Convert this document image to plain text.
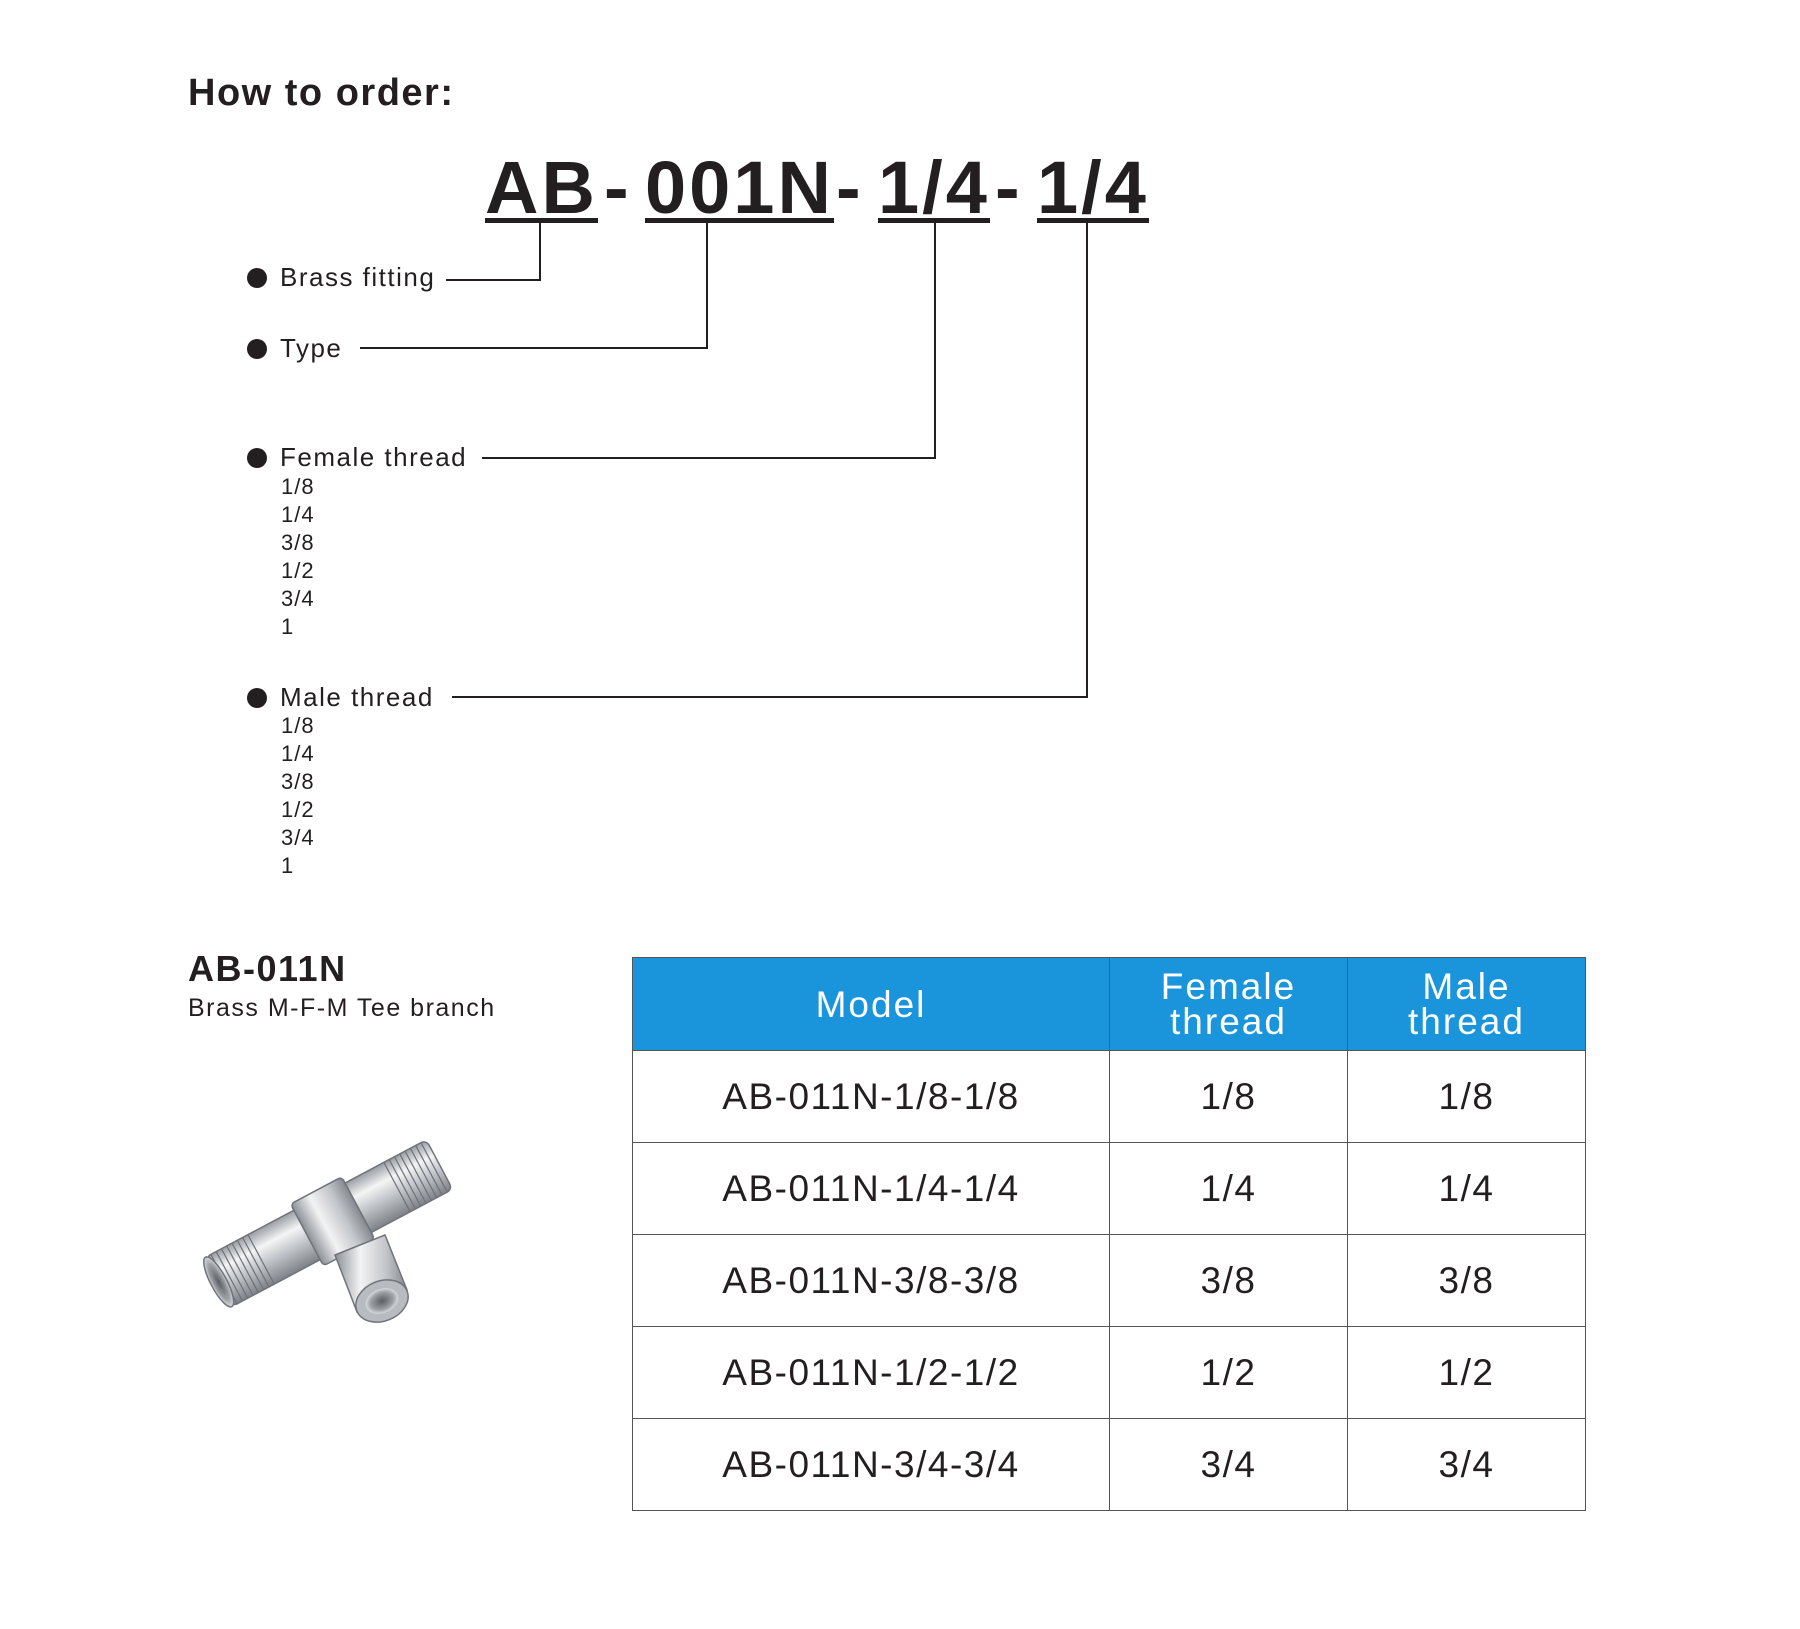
How to order:
AB - 001N - 1/4 - 1/4
Brass fitting
Type
Female thread
1/8
1/4
3/8
1/2
3/4
1
Male thread
1/8
1/4
3/8
1/2
3/4
1
AB-011N
Brass M-F-M Tee branch	Model	Female
thread	Male
thread
AB-011N-1/8-1/8	1/8	1/8
AB-011N-1/4-1/4	1/4	1/4
AB-011N-3/8-3/8	3/8	3/8
AB-011N-1/2-1/2	1/2	1/2
AB-011N-3/4-3/4	3/4	3/4
